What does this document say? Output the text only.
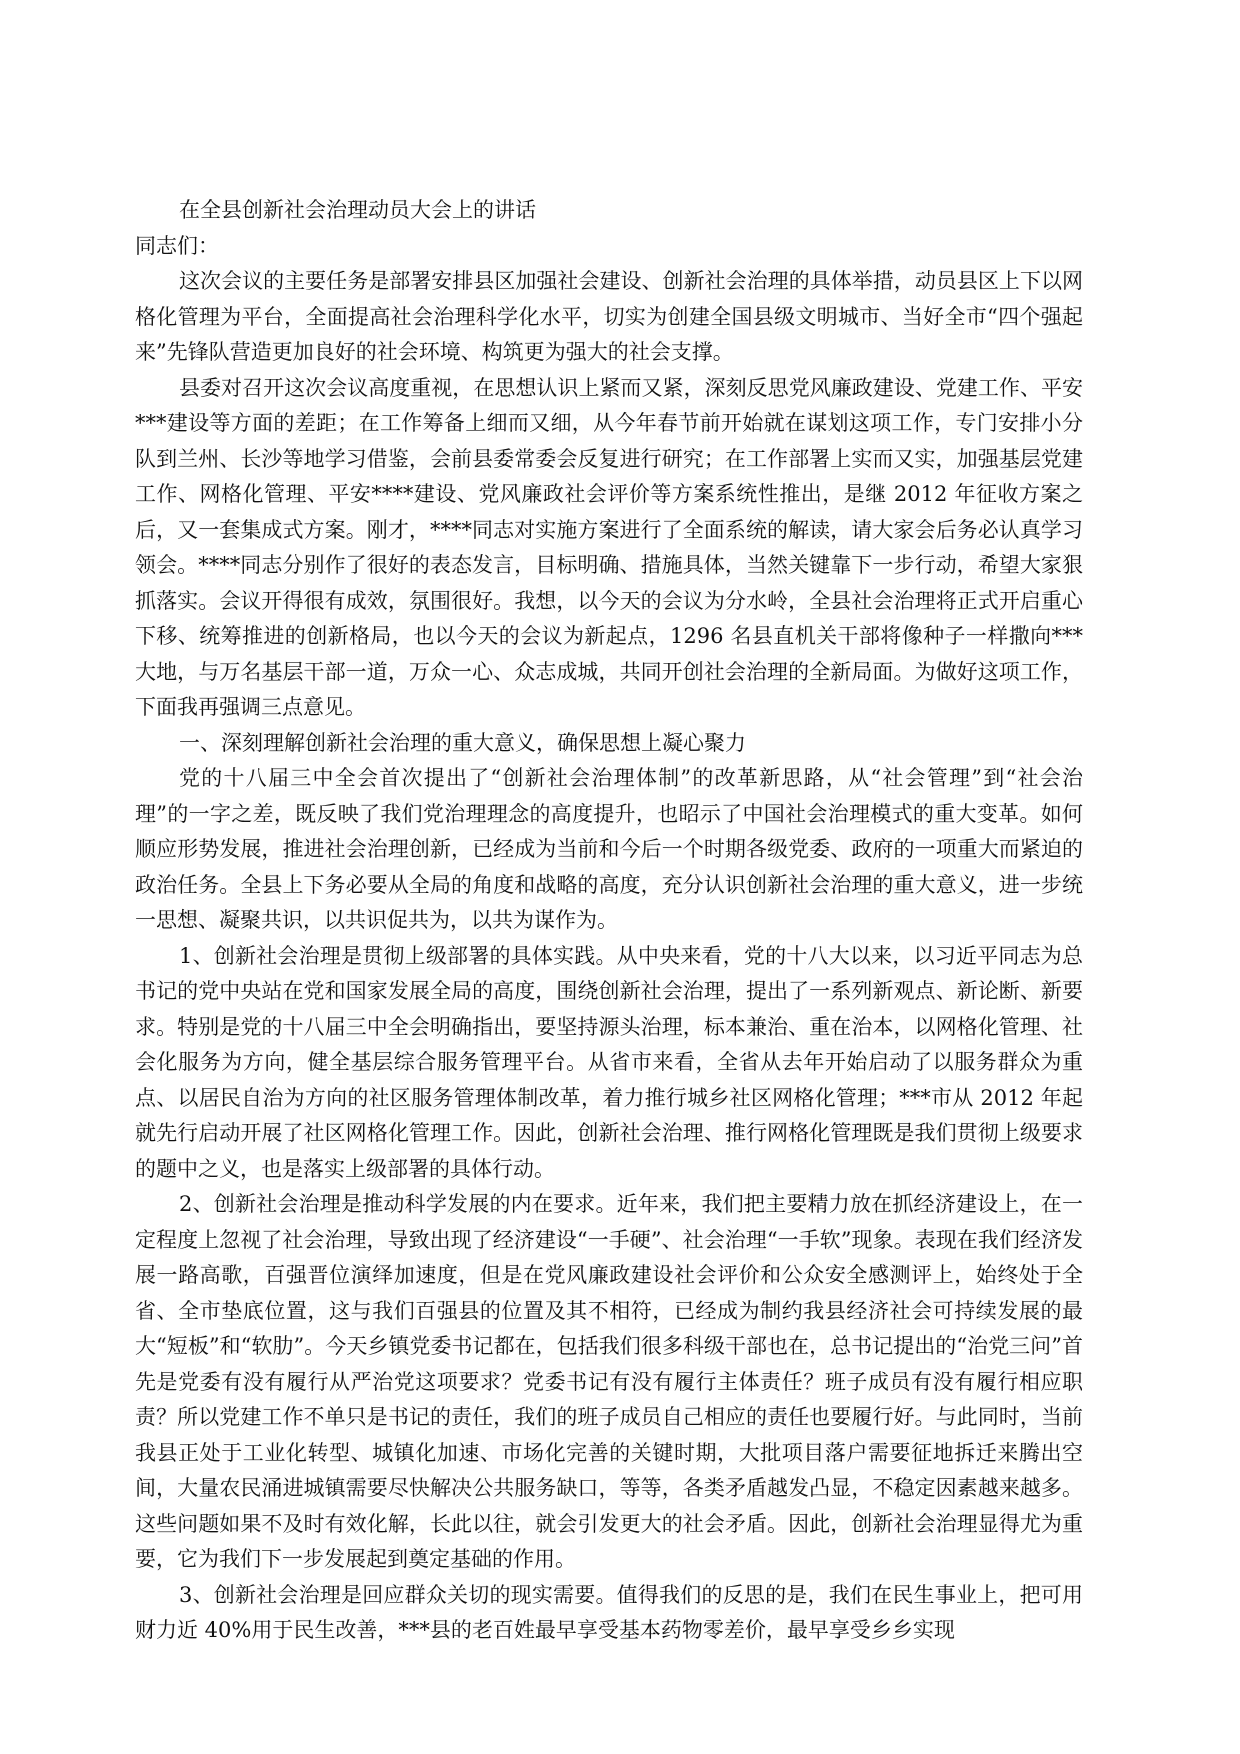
在全县创新社会治理动员大会上的讲话

同志们：

这次会议的主要任务是部署安排县区加强社会建设、创新社会治理的具体举措，动员县区上下以网格化管理为平台，全面提高社会治理科学化水平，切实为创建全国县级文明城市、当好全市“四个强起来”先锋队营造更加良好的社会环境、构筑更为强大的社会支撑。

县委对召开这次会议高度重视，在思想认识上紧而又紧，深刻反思党风廉政建设、党建工作、平安***建设等方面的差距；在工作筹备上细而又细，从今年春节前开始就在谋划这项工作，专门安排小分队到兰州、长沙等地学习借鉴，会前县委常委会反复进行研究；在工作部署上实而又实，加强基层党建工作、网格化管理、平安****建设、党风廉政社会评价等方案系统性推出，是继 2012 年征收方案之后，又一套集成式方案。刚才，****同志对实施方案进行了全面系统的解读，请大家会后务必认真学习领会。****同志分别作了很好的表态发言，目标明确、措施具体，当然关键靠下一步行动，希望大家狠抓落实。会议开得很有成效，氛围很好。我想，以今天的会议为分水岭，全县社会治理将正式开启重心下移、统筹推进的创新格局，也以今天的会议为新起点，1296 名县直机关干部将像种子一样撒向***大地，与万名基层干部一道，万众一心、众志成城，共同开创社会治理的全新局面。为做好这项工作，下面我再强调三点意见。

一、深刻理解创新社会治理的重大意义，确保思想上凝心聚力

党的十八届三中全会首次提出了“创新社会治理体制”的改革新思路，从“社会管理”到“社会治理”的一字之差，既反映了我们党治理理念的高度提升，也昭示了中国社会治理模式的重大变革。如何顺应形势发展，推进社会治理创新，已经成为当前和今后一个时期各级党委、政府的一项重大而紧迫的政治任务。全县上下务必要从全局的角度和战略的高度，充分认识创新社会治理的重大意义，进一步统一思想、凝聚共识，以共识促共为，以共为谋作为。

1、创新社会治理是贯彻上级部署的具体实践。从中央来看，党的十八大以来，以习近平同志为总书记的党中央站在党和国家发展全局的高度，围绕创新社会治理，提出了一系列新观点、新论断、新要求。特别是党的十八届三中全会明确指出，要坚持源头治理，标本兼治、重在治本，以网格化管理、社会化服务为方向，健全基层综合服务管理平台。从省市来看，全省从去年开始启动了以服务群众为重点、以居民自治为方向的社区服务管理体制改革，着力推行城乡社区网格化管理；***市从 2012 年起就先行启动开展了社区网格化管理工作。因此，创新社会治理、推行网格化管理既是我们贯彻上级要求的题中之义，也是落实上级部署的具体行动。

2、创新社会治理是推动科学发展的内在要求。近年来，我们把主要精力放在抓经济建设上，在一定程度上忽视了社会治理，导致出现了经济建设“一手硬”、社会治理“一手软”现象。表现在我们经济发展一路高歌，百强晋位演绎加速度，但是在党风廉政建设社会评价和公众安全感测评上，始终处于全省、全市垫底位置，这与我们百强县的位置及其不相符，已经成为制约我县经济社会可持续发展的最大“短板”和“软肋”。今天乡镇党委书记都在，包括我们很多科级干部也在，总书记提出的“治党三问”首先是党委有没有履行从严治党这项要求？党委书记有没有履行主体责任？班子成员有没有履行相应职责？所以党建工作不单只是书记的责任，我们的班子成员自己相应的责任也要履行好。与此同时，当前我县正处于工业化转型、城镇化加速、市场化完善的关键时期，大批项目落户需要征地拆迁来腾出空间，大量农民涌进城镇需要尽快解决公共服务缺口，等等，各类矛盾越发凸显，不稳定因素越来越多。这些问题如果不及时有效化解，长此以往，就会引发更大的社会矛盾。因此，创新社会治理显得尤为重要，它为我们下一步发展起到奠定基础的作用。

3、创新社会治理是回应群众关切的现实需要。值得我们的反思的是，我们在民生事业上，把可用财力近 40%用于民生改善，***县的老百姓最早享受基本药物零差价，最早享受乡乡实现
